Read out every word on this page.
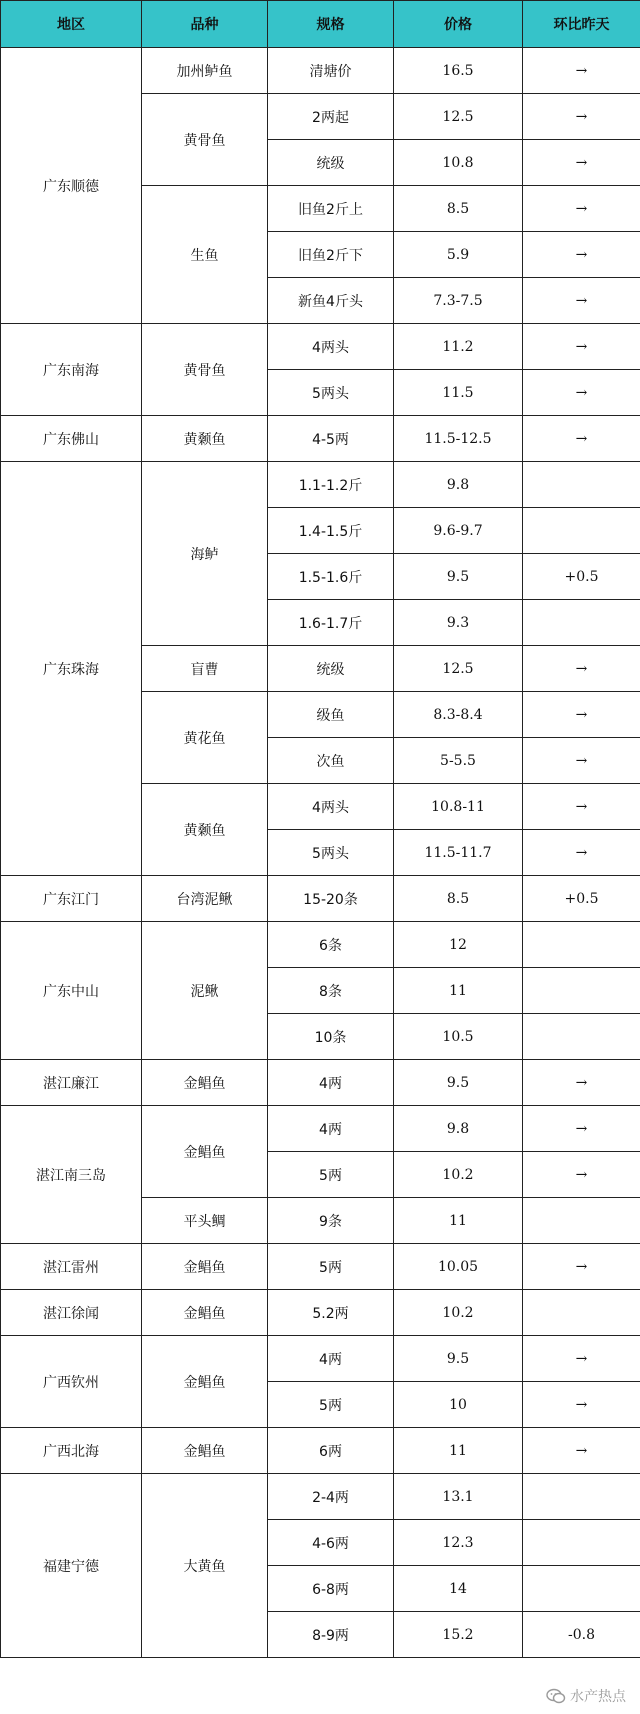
地区	品种	规格	价格	环比昨天
广东顺德	加州鲈鱼	清塘价	16.5	→
	黄骨鱼	2两起	12.5	→
		统级	10.8	→
	生鱼	旧鱼2斤上	8.5	→
		旧鱼2斤下	5.9	→
		新鱼4斤头	7.3-7.5	→
广东南海	黄骨鱼	4两头	11.2	→
		5两头	11.5	→
广东佛山	黄颡鱼	4-5两	11.5-12.5	→
广东珠海	海鲈	1.1-1.2斤	9.8	
		1.4-1.5斤	9.6-9.7	
		1.5-1.6斤	9.5	+0.5
		1.6-1.7斤	9.3	
	盲曹	统级	12.5	→
	黄花鱼	级鱼	8.3-8.4	→
		次鱼	5-5.5	→
	黄颡鱼	4两头	10.8-11	→
		5两头	11.5-11.7	→
广东江门	台湾泥鳅	15-20条	8.5	+0.5
广东中山	泥鳅	6条	12	
		8条	11	
		10条	10.5	
湛江廉江	金鲳鱼	4两	9.5	→
湛江南三岛	金鲳鱼	4两	9.8	→
		5两	10.2	→
	平头鲷	9条	11	
湛江雷州	金鲳鱼	5两	10.05	→
湛江徐闻	金鲳鱼	5.2两	10.2	
广西钦州	金鲳鱼	4两	9.5	→
		5两	10	→
广西北海	金鲳鱼	6两	11	→
福建宁德	大黄鱼	2-4两	13.1	
		4-6两	12.3	
		6-8两	14	
		8-9两	15.2	-0.8
水产热点
